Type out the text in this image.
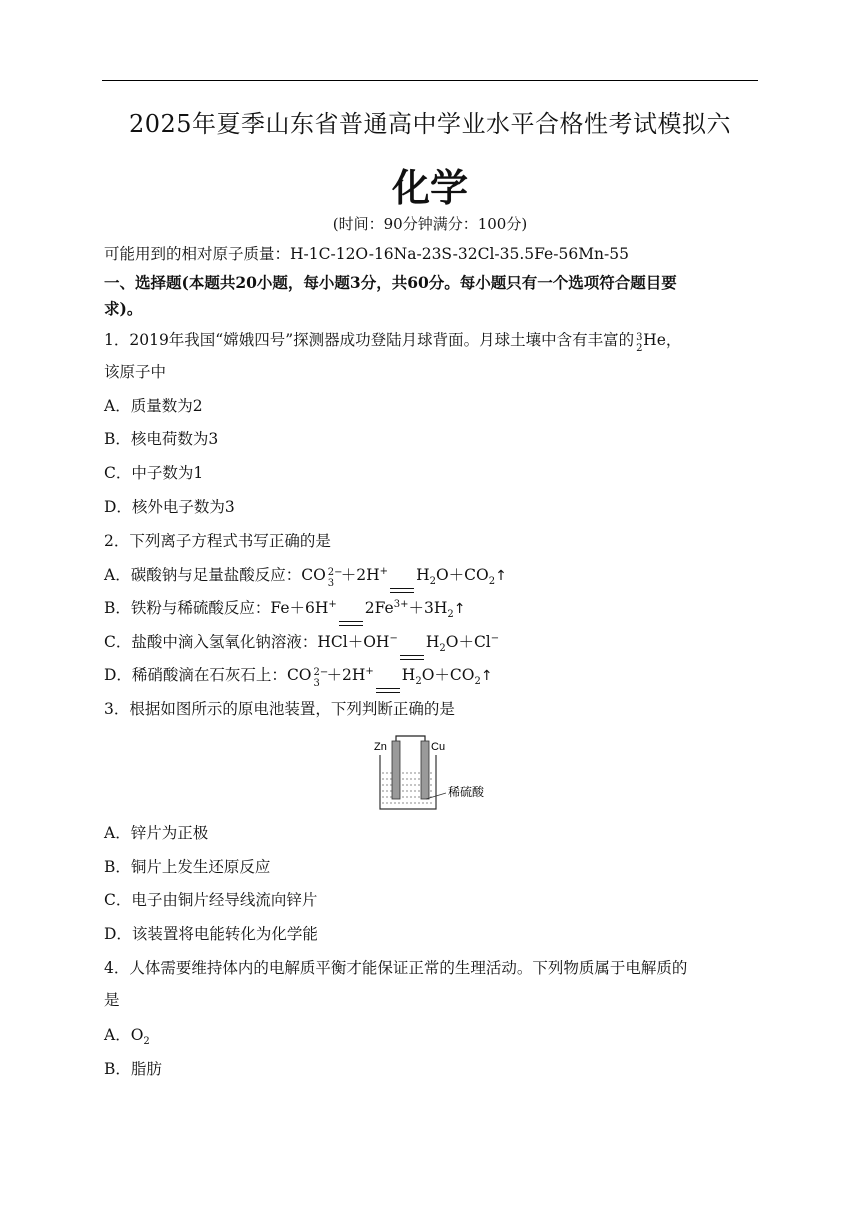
2025年夏季山东省普通高中学业水平合格性考试模拟六
化学
(时间：90分钟满分：100分)
可能用到的相对原子质量：H-1C-12O-16Na-23S-32Cl-35.5Fe-56Mn-55
一、选择题(本题共20小题，每小题3分，共60分。每小题只有一个选项符合题目要
求)。
1．2019年我国“嫦娥四号”探测器成功登陆月球背面。月球土壤中含有丰富的 3
2 He，
该原子中
A．质量数为2
B．核电荷数为3
C．中子数为1
D．核外电子数为3
2．下列离子方程式书写正确的是
A．碳酸钠与足量盐酸反应：CO 2−
3 ＋2H+ $H_2O+CO_2↑$
B．铁粉与稀硫酸反应：Fe＋6H+ $2Fe^{3+}+3H_2↑$
C．盐酸中滴入氢氧化钠溶液：HCl＋OH− $H_2O+Cl^-$
D．稀硝酸滴在石灰石上：CO 2−
3 ＋2H+ $H_2O+CO_2↑$
3．根据如图所示的原电池装置，下列判断正确的是
Zn	Cu
稀硫酸
A．锌片为正极
B．铜片上发生还原反应
C．电子由铜片经导线流向锌片
D．该装置将电能转化为化学能
4．人体需要维持体内的电解质平衡才能保证正常的生理活动。下列物质属于电解质的
是
A．$O_2$
B．脂肪
